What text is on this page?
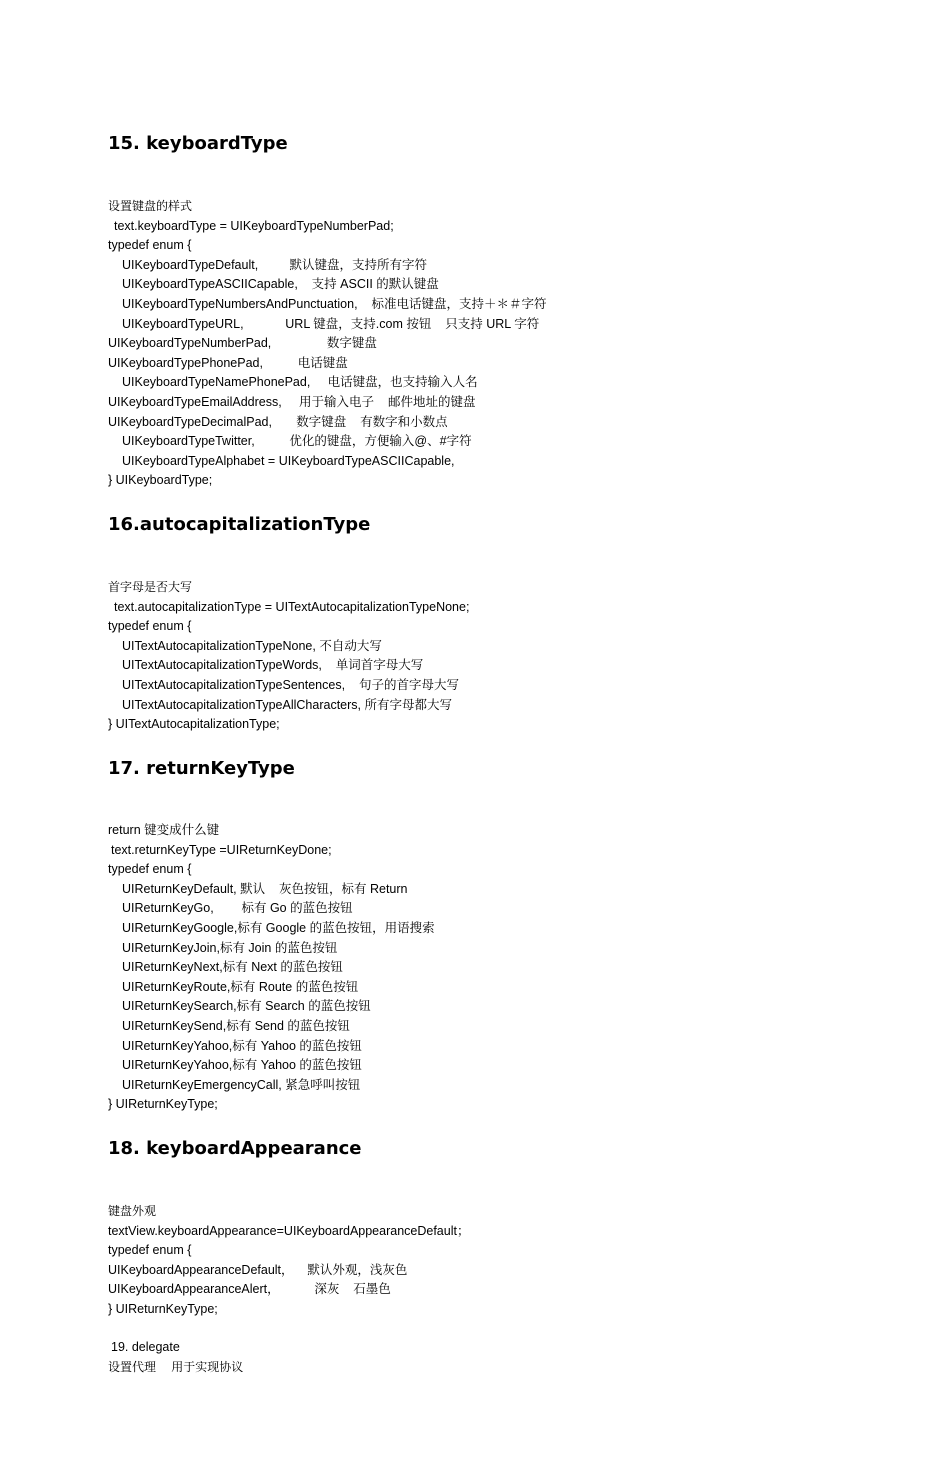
15. keyboardType
设置键盘的样式
text.keyboardType = UIKeyboardTypeNumberPad;
typedef enum {
UIKeyboardTypeDefault,         默认键盘，支持所有字符
UIKeyboardTypeASCIICapable,    支持 ASCII 的默认键盘
UIKeyboardTypeNumbersAndPunctuation,    标准电话键盘，支持＋＊＃字符
UIKeyboardTypeURL,            URL 键盘，支持.com 按钮    只支持 URL 字符
UIKeyboardTypeNumberPad,                数字键盘
UIKeyboardTypePhonePad,          电话键盘
UIKeyboardTypeNamePhonePad,     电话键盘，也支持输入人名
UIKeyboardTypeEmailAddress,     用于输入电子    邮件地址的键盘
UIKeyboardTypeDecimalPad,       数字键盘    有数字和小数点
UIKeyboardTypeTwitter,          优化的键盘，方便输入@、#字符
UIKeyboardTypeAlphabet = UIKeyboardTypeASCIICapable,
} UIKeyboardType;
16.autocapitalizationType
首字母是否大写
text.autocapitalizationType = UITextAutocapitalizationTypeNone;
typedef enum {
UITextAutocapitalizationTypeNone, 不自动大写
UITextAutocapitalizationTypeWords,    单词首字母大写
UITextAutocapitalizationTypeSentences,    句子的首字母大写
UITextAutocapitalizationTypeAllCharacters, 所有字母都大写
} UITextAutocapitalizationType;
17. returnKeyType
return 键变成什么键
text.returnKeyType =UIReturnKeyDone;
typedef enum {
UIReturnKeyDefault, 默认    灰色按钮，标有 Return
UIReturnKeyGo,        标有 Go 的蓝色按钮
UIReturnKeyGoogle,标有 Google 的蓝色按钮，用语搜索
UIReturnKeyJoin,标有 Join 的蓝色按钮
UIReturnKeyNext,标有 Next 的蓝色按钮
UIReturnKeyRoute,标有 Route 的蓝色按钮
UIReturnKeySearch,标有 Search 的蓝色按钮
UIReturnKeySend,标有 Send 的蓝色按钮
UIReturnKeyYahoo,标有 Yahoo 的蓝色按钮
UIReturnKeyYahoo,标有 Yahoo 的蓝色按钮
UIReturnKeyEmergencyCall, 紧急呼叫按钮
} UIReturnKeyType;
18. keyboardAppearance
键盘外观
textView.keyboardAppearance=UIKeyboardAppearanceDefault；
typedef enum {
UIKeyboardAppearanceDefault，    默认外观，浅灰色
UIKeyboardAppearanceAlert，          深灰    石墨色
} UIReturnKeyType;
19. delegate
设置代理    用于实现协议
